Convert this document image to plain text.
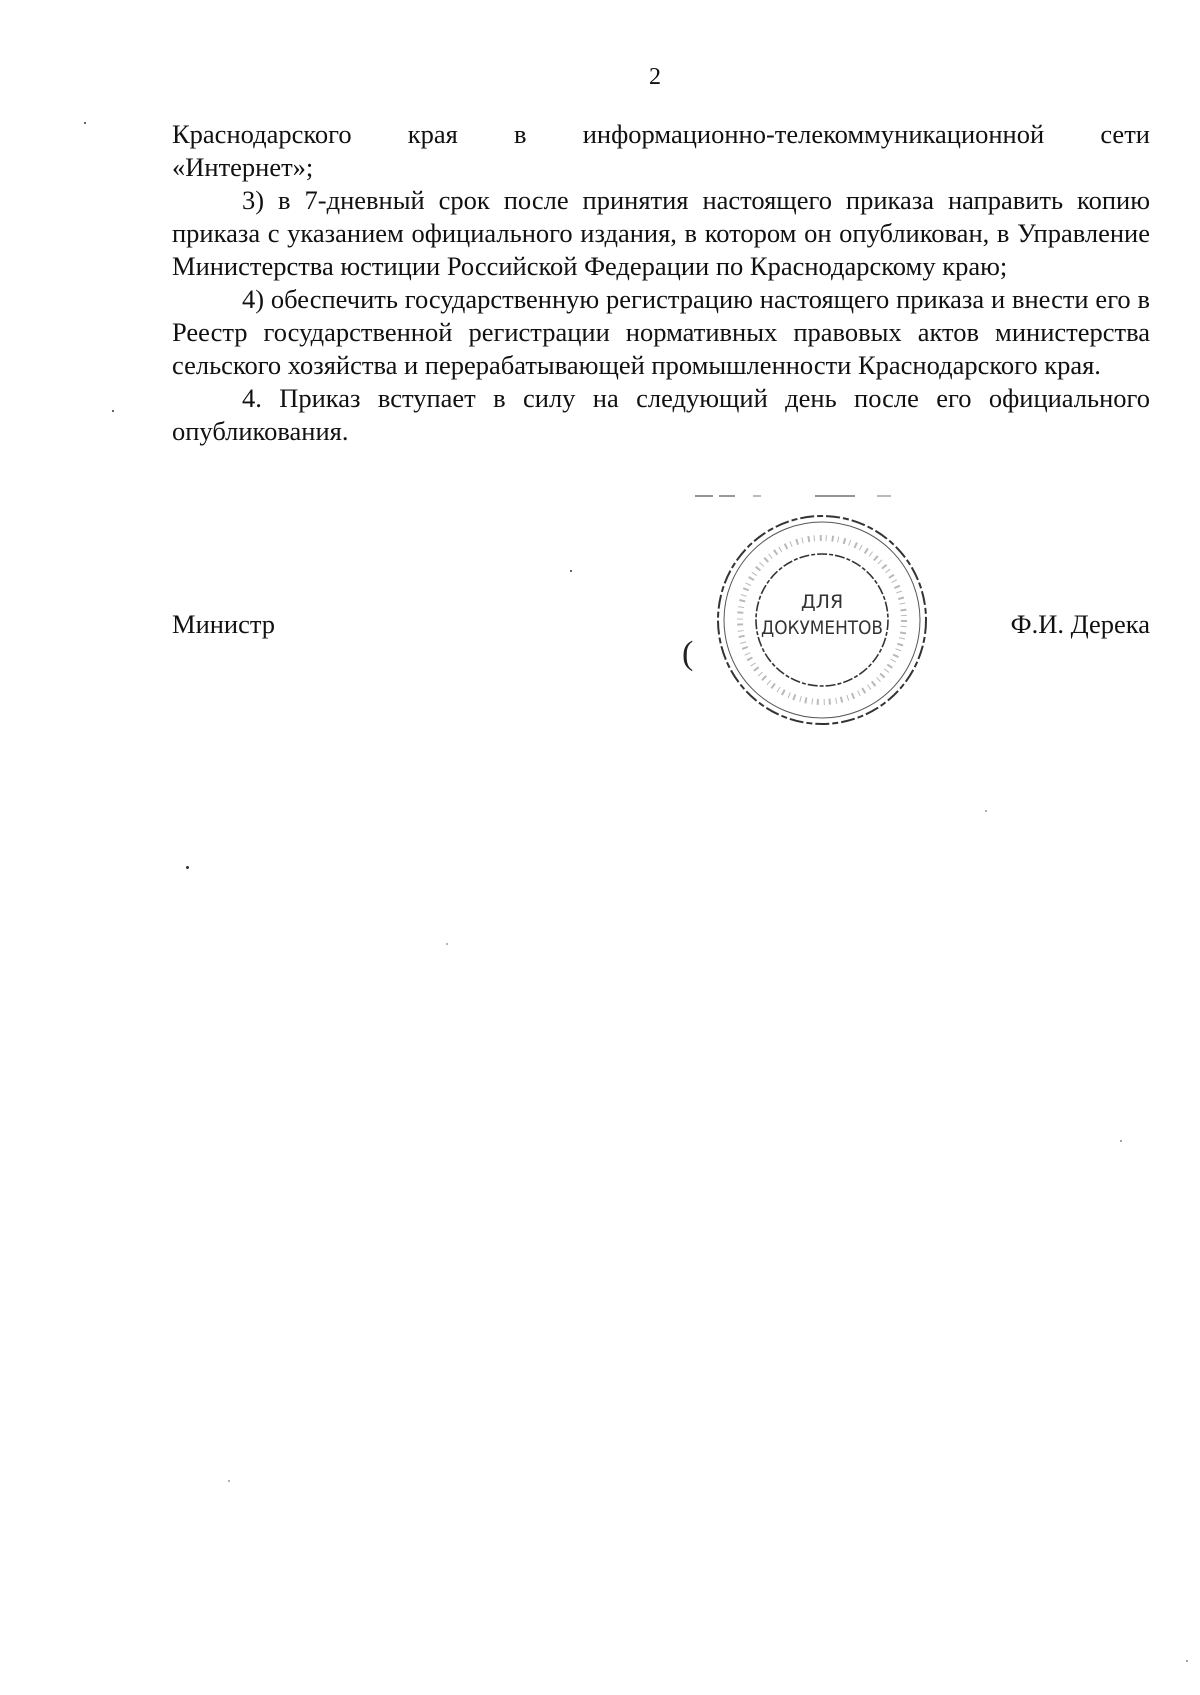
2
Краснодарского края в информационно-телекоммуникационной сети

«Интернет»;

3) в 7-дневный срок после принятия настоящего приказа направить копию приказа с указанием официального издания, в котором он опубликован, в Управление Министерства юстиции Российской Федерации по Краснодарскому краю;

4) обеспечить государственную регистрацию настоящего приказа и внести его в Реестр государственной регистрации нормативных правовых актов министерства сельского хозяйства и перерабатывающей промышленности Краснодарского края.

4. Приказ вступает в силу на следующий день после его официального опубликования.

Министр
ДЛЯ
ДОКУМЕНТОВ
(
Ф.И. Дерека
